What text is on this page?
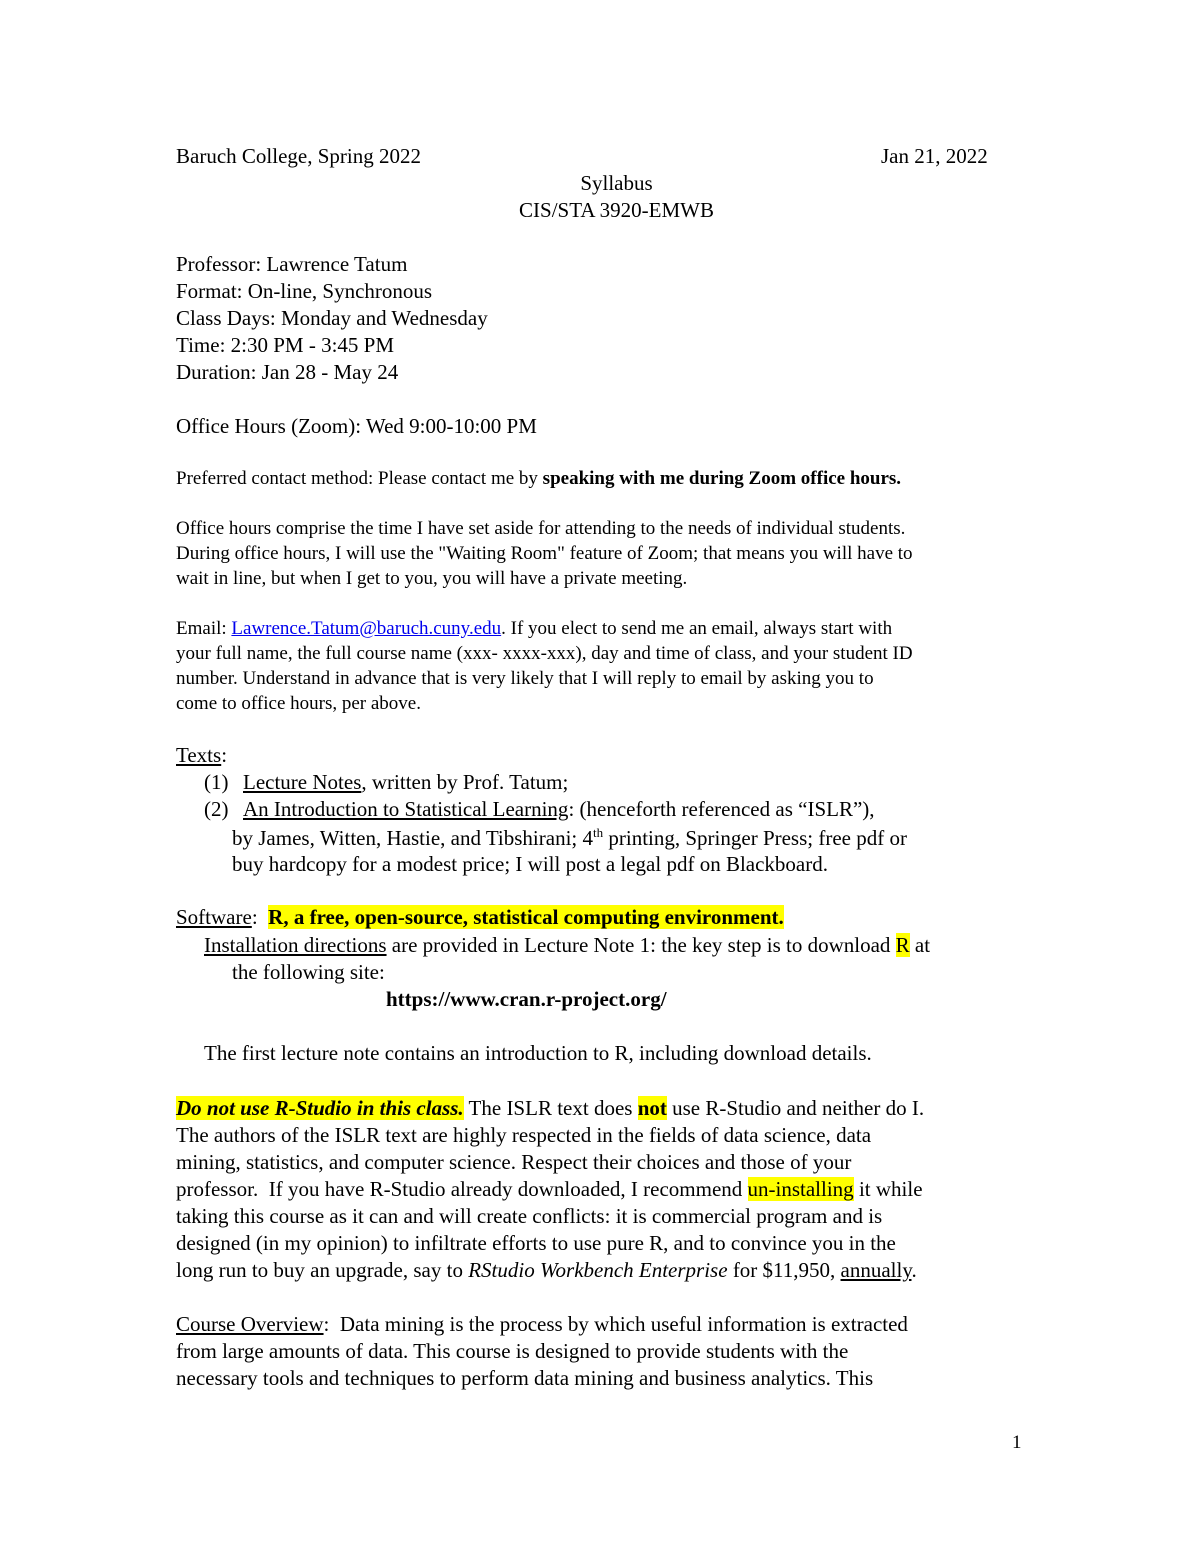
Baruch College, Spring 2022	Jan 21, 2022
Syllabus
CIS/STA 3920-EMWB
Professor: Lawrence Tatum
Format: On-line, Synchronous
Class Days: Monday and Wednesday
Time: 2:30 PM - 3:45 PM
Duration: Jan 28 - May 24
Office Hours (Zoom): Wed 9:00-10:00 PM
Preferred contact method: Please contact me by speaking with me during Zoom office hours.
Office hours comprise the time I have set aside for attending to the needs of individual students.
During office hours, I will use the "Waiting Room" feature of Zoom; that means you will have to
wait in line, but when I get to you, you will have a private meeting.
Email: Lawrence.Tatum@baruch.cuny.edu. If you elect to send me an email, always start with
your full name, the full course name (xxx- xxxx-xxx), day and time of class, and your student ID
number. Understand in advance that is very likely that I will reply to email by asking you to
come to office hours, per above.
Texts:
(1) Lecture Notes, written by Prof. Tatum;
(2) An Introduction to Statistical Learning: (henceforth referenced as “ISLR”),
by James, Witten, Hastie, and Tibshirani; 4th printing, Springer Press; free pdf or
buy hardcopy for a modest price; I will post a legal pdf on Blackboard.
Software:  R, a free, open-source, statistical computing environment.
Installation directions are provided in Lecture Note 1: the key step is to download R at
the following site:
https://www.cran.r-project.org/
The first lecture note contains an introduction to R, including download details.
Do not use R-Studio in this class. The ISLR text does not use R-Studio and neither do I.
The authors of the ISLR text are highly respected in the fields of data science, data
mining, statistics, and computer science. Respect their choices and those of your
professor.  If you have R-Studio already downloaded, I recommend un-installing it while
taking this course as it can and will create conflicts: it is commercial program and is
designed (in my opinion) to infiltrate efforts to use pure R, and to convince you in the
long run to buy an upgrade, say to RStudio Workbench Enterprise for $11,950, annually.
Course Overview:  Data mining is the process by which useful information is extracted
from large amounts of data. This course is designed to provide students with the
necessary tools and techniques to perform data mining and business analytics. This
1
